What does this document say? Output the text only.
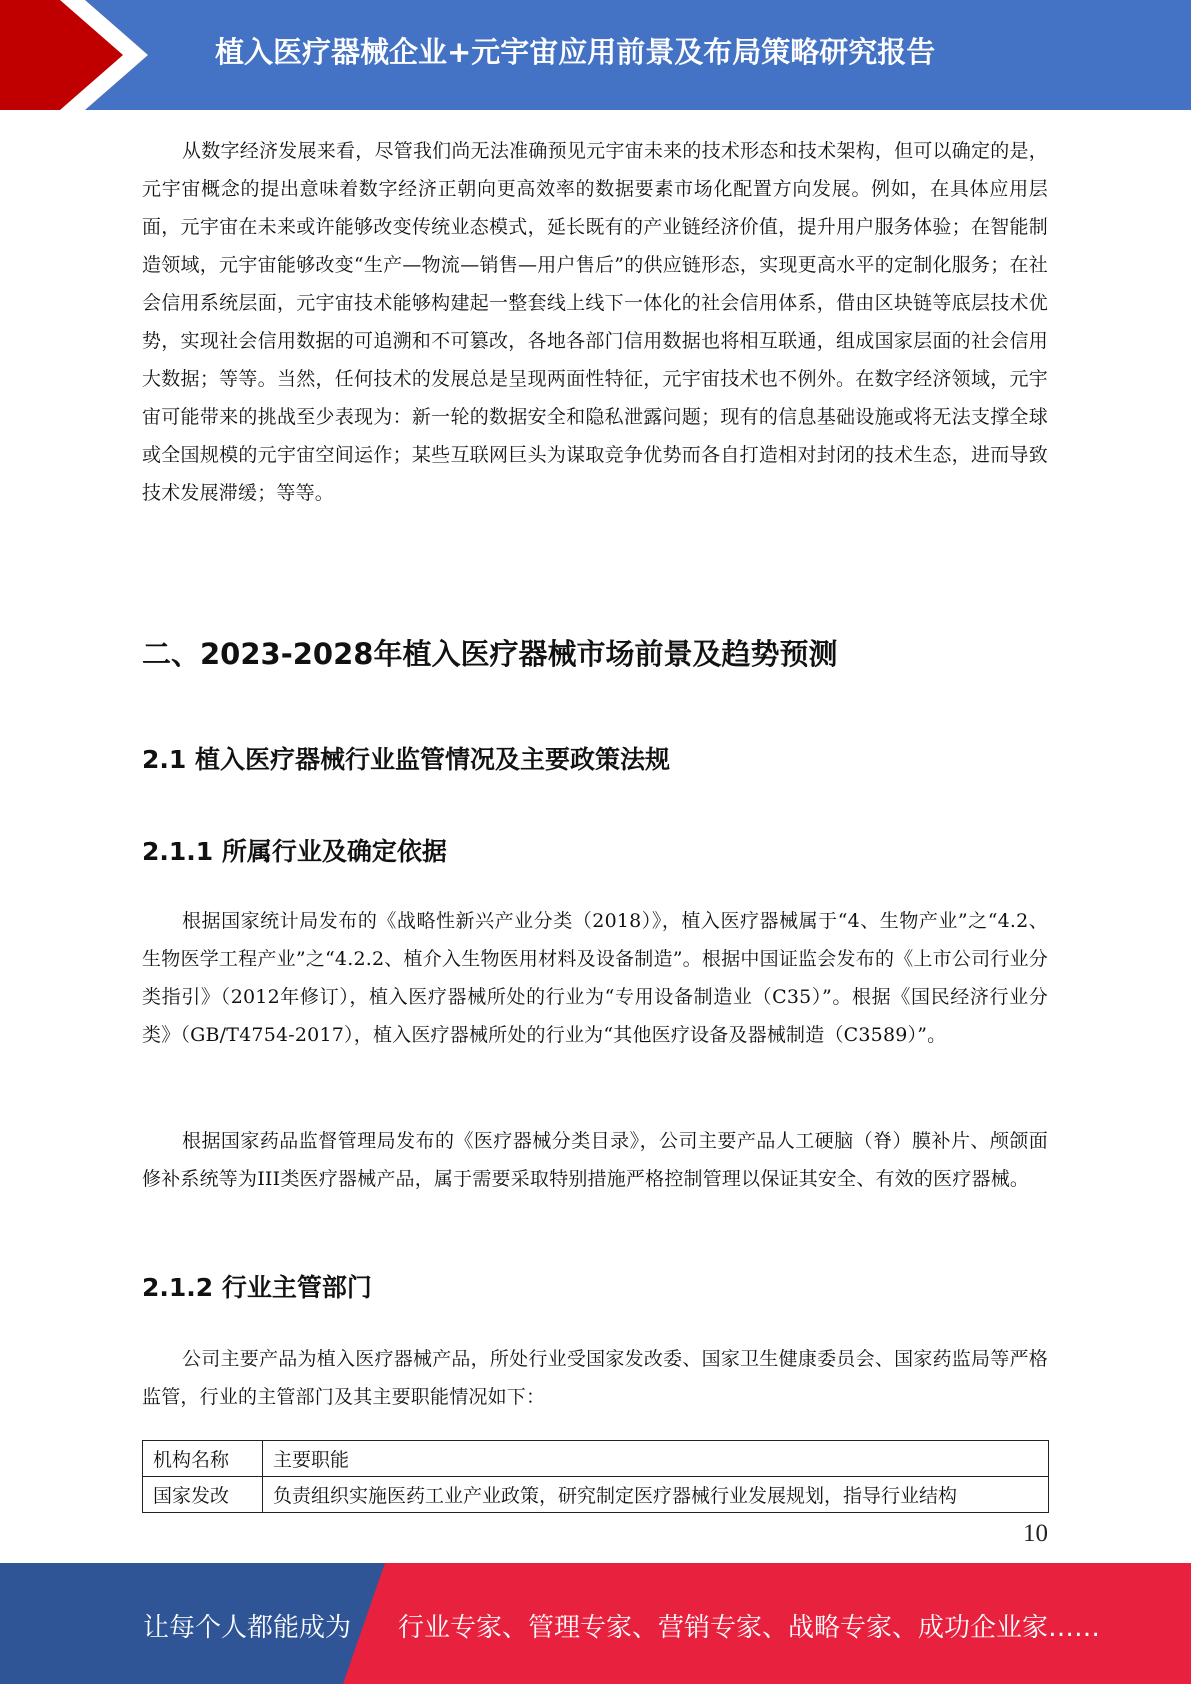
植入医疗器械企业+元宇宙应用前景及布局策略研究报告

从数字经济发展来看，尽管我们尚无法准确预见元宇宙未来的技术形态和技术架构，但可以确定的是，元宇宙概念的提出意味着数字经济正朝向更高效率的数据要素市场化配置方向发展。例如，在具体应用层面，元宇宙在未来或许能够改变传统业态模式，延长既有的产业链经济价值，提升用户服务体验；在智能制造领域，元宇宙能够改变“生产—物流—销售—用户售后”的供应链形态，实现更高水平的定制化服务；在社会信用系统层面，元宇宙技术能够构建起一整套线上线下一体化的社会信用体系，借由区块链等底层技术优势，实现社会信用数据的可追溯和不可篡改，各地各部门信用数据也将相互联通，组成国家层面的社会信用大数据；等等。当然，任何技术的发展总是呈现两面性特征，元宇宙技术也不例外。在数字经济领域，元宇宙可能带来的挑战至少表现为：新一轮的数据安全和隐私泄露问题；现有的信息基础设施或将无法支撑全球或全国规模的元宇宙空间运作；某些互联网巨头为谋取竞争优势而各自打造相对封闭的技术生态，进而导致技术发展滞缓；等等。

二、2023-2028年植入医疗器械市场前景及趋势预测
2.1 植入医疗器械行业监管情况及主要政策法规
2.1.1 所属行业及确定依据

根据国家统计局发布的《战略性新兴产业分类（2018）》，植入医疗器械属于“4、生物产业”之“4.2、生物医学工程产业”之“4.2.2、植介入生物医用材料及设备制造”。根据中国证监会发布的《上市公司行业分类指引》（2012年修订），植入医疗器械所处的行业为“专用设备制造业（C35）”。根据《国民经济行业分类》（GB/T4754-2017），植入医疗器械所处的行业为“其他医疗设备及器械制造（C3589）”。

根据国家药品监督管理局发布的《医疗器械分类目录》，公司主要产品人工硬脑（脊）膜补片、颅颌面修补系统等为III类医疗器械产品，属于需要采取特别措施严格控制管理以保证其安全、有效的医疗器械。

2.1.2 行业主管部门

公司主要产品为植入医疗器械产品，所处行业受国家发改委、国家卫生健康委员会、国家药监局等严格监管，行业的主管部门及其主要职能情况如下：

机构名称	主要职能
国家发改	负责组织实施医药工业产业政策，研究制定医疗器械行业发展规划，指导行业结构
10
让每个人都能成为 行业专家、管理专家、营销专家、战略专家、成功企业家……
